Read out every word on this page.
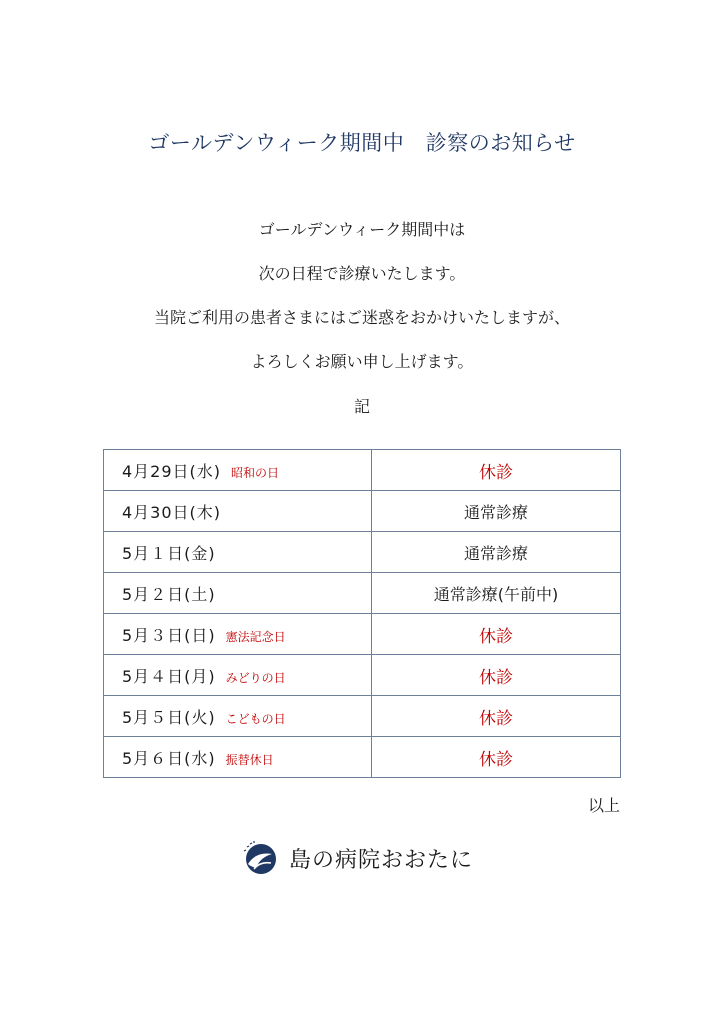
ゴールデンウィーク期間中　診察のお知らせ
ゴールデンウィーク期間中は
次の日程で診療いたします。
当院ご利用の患者さまにはご迷惑をおかけいたしますが、
よろしくお願い申し上げます。
記
4月29日(水) 昭和の日	休診
4月30日(木)	通常診療
5月１日(金)	通常診療
5月２日(土)	通常診療(午前中)
5月３日(日) 憲法記念日	休診
5月４日(月) みどりの日	休診
5月５日(火) こどもの日	休診
5月６日(水) 振替休日	休診
以上
島の病院おおたに
